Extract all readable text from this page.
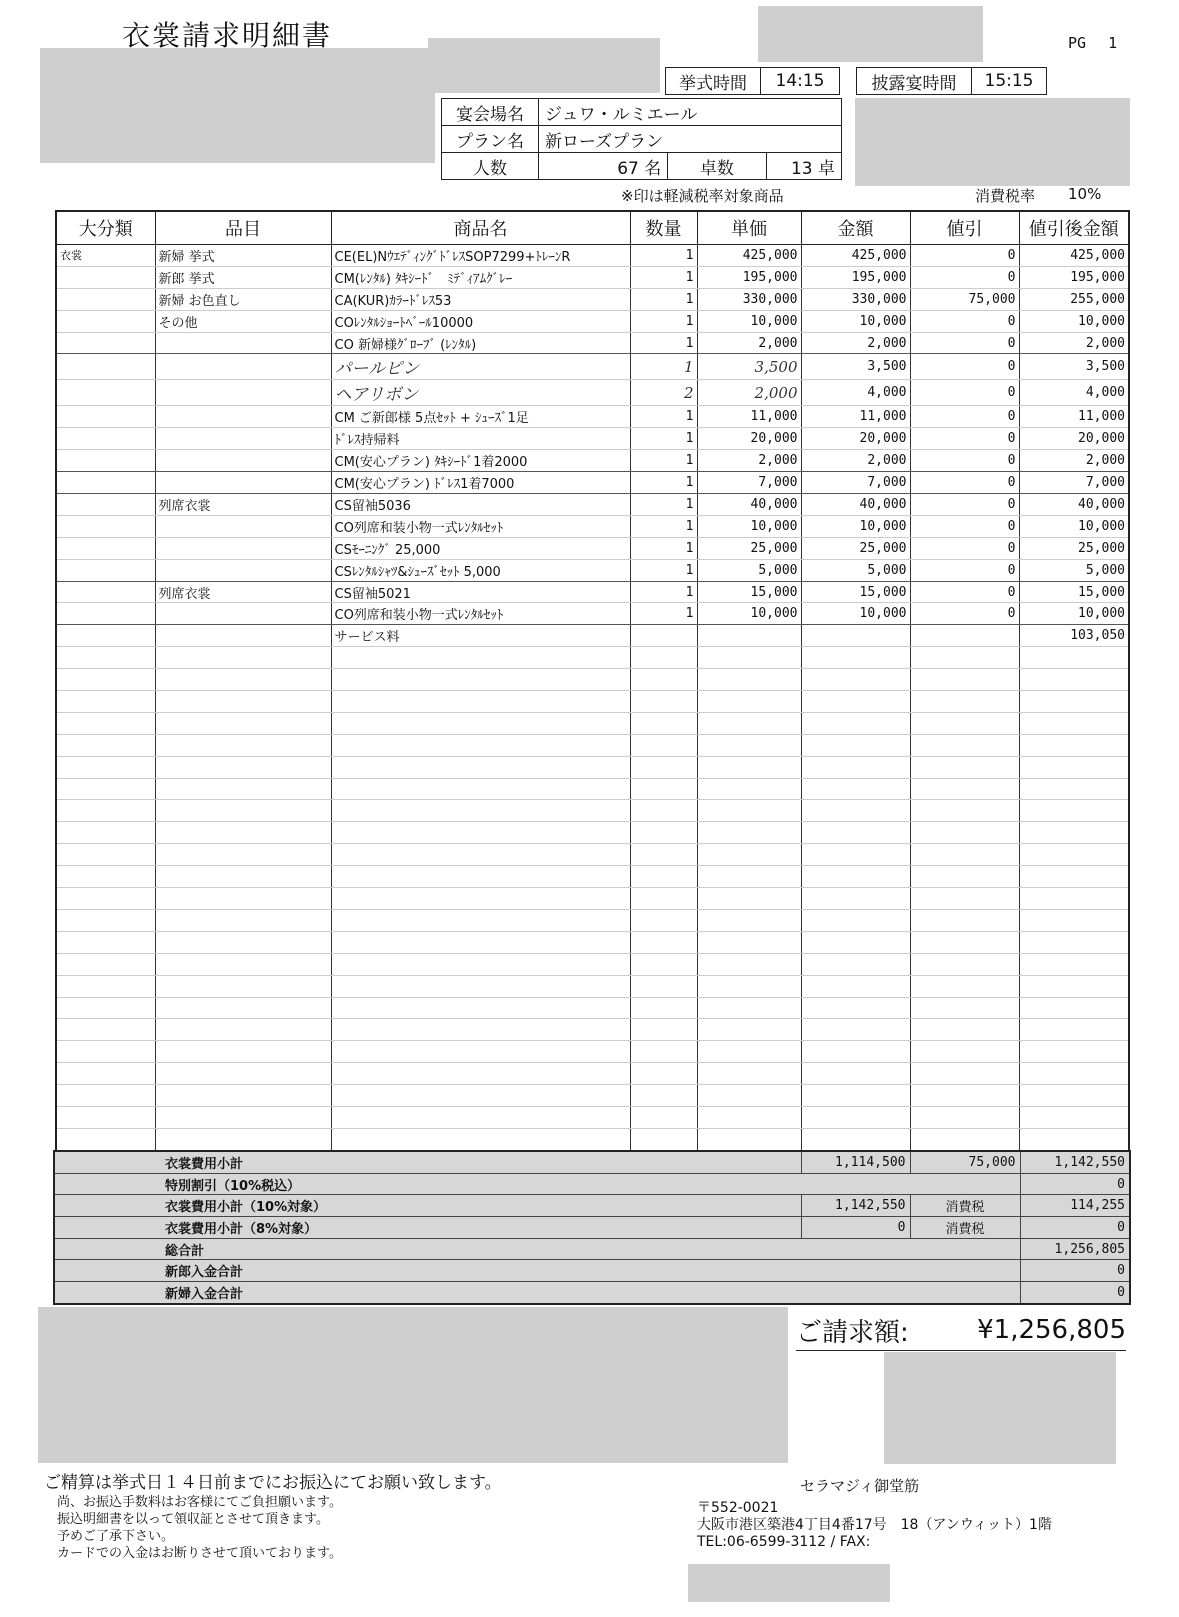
衣裳請求明細書	PG 1
挙式時間	14:15	披露宴時間	15:15
宴会場名	ジュワ・ルミエール		
プラン名	新ローズプラン		
人数	67 名	卓数	13 卓
※印は軽減税率対象商品	消費税率 10%
大分類	品目	商品名	数量	単価	金額	値引	値引後金額
衣裳	新婦 挙式	CE(EL)NｳｴﾃﾞｨﾝｸﾞﾄﾞﾚｽSOP7299+ﾄﾚｰﾝR	1	425,000	425,000	0	425,000
	新郎 挙式	CM(ﾚﾝﾀﾙ) ﾀｷｼｰﾄﾞ　ﾐﾃﾞｨｱﾑｸﾞﾚｰ	1	195,000	195,000	0	195,000
	新婦 お色直し	CA(KUR)ｶﾗｰﾄﾞﾚｽ53	1	330,000	330,000	75,000	255,000
	その他	COﾚﾝﾀﾙｼｮｰﾄﾍﾞｰﾙ10000	1	10,000	10,000	0	10,000
		CO 新婦様ｸﾞﾛｰﾌﾞ (ﾚﾝﾀﾙ)	1	2,000	2,000	0	2,000
		パールピン	1	3,500	3,500	0	3,500
		ヘアリボン	2	2,000	4,000	0	4,000
		CM ご新郎様 5点ｾｯﾄ + ｼｭｰｽﾞ1足	1	11,000	11,000	0	11,000
		ﾄﾞﾚｽ持帰料	1	20,000	20,000	0	20,000
		CM(安心プラン) ﾀｷｼｰﾄﾞ1着2000	1	2,000	2,000	0	2,000
		CM(安心プラン) ﾄﾞﾚｽ1着7000	1	7,000	7,000	0	7,000
	列席衣裳	CS留袖5036	1	40,000	40,000	0	40,000
		CO列席和装小物一式ﾚﾝﾀﾙｾｯﾄ	1	10,000	10,000	0	10,000
		CSﾓｰﾆﾝｸﾞ 25,000	1	25,000	25,000	0	25,000
		CSﾚﾝﾀﾙｼｬﾂ&ｼｭｰｽﾞｾｯﾄ 5,000	1	5,000	5,000	0	5,000
	列席衣裳	CS留袖5021	1	15,000	15,000	0	15,000
		CO列席和装小物一式ﾚﾝﾀﾙｾｯﾄ	1	10,000	10,000	0	10,000
		サービス料					103,050

衣裳費用小計	1,114,500	75,000	1,142,550
特別割引（10%税込）			0
衣裳費用小計（10%対象）	1,142,550	消費税	114,255
衣裳費用小計（8%対象）	0	消費税	0
総合計			1,256,805
新郎入金合計			0
新婦入金合計			0
ご請求額:	¥1,256,805
ご精算は挙式日１４日前までにお振込にてお願い致します。
尚、お振込手数料はお客様にてご負担願います。
振込明細書を以って領収証とさせて頂きます。
予めご了承下さい。
カードでの入金はお断りさせて頂いております。
セラマジィ御堂筋
〒552-0021
大阪市港区築港4丁目4番17号　18（アンウィット）1階
TEL:06-6599-3112 / FAX:
